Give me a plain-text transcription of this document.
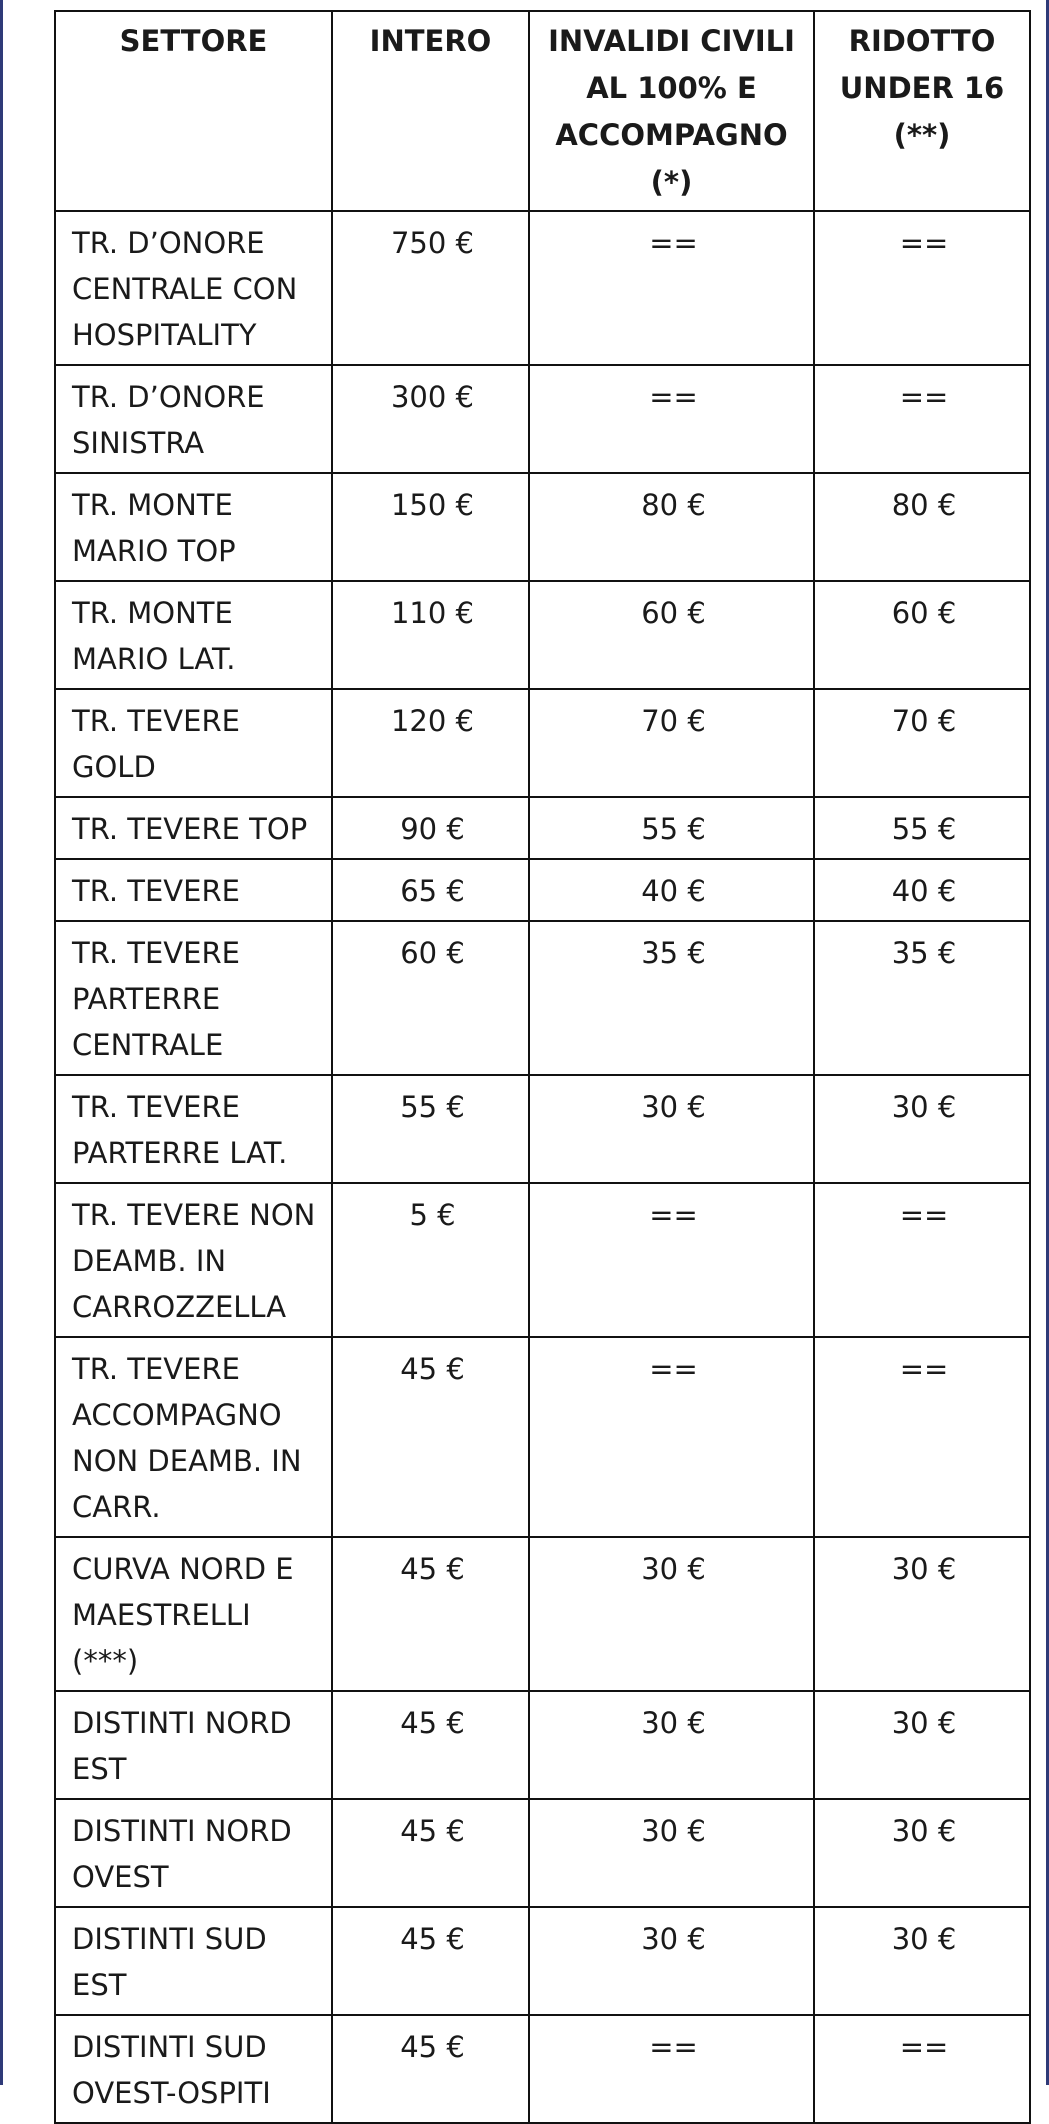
SETTORE	INTERO	INVALIDI CIVILI AL 100% E ACCOMPAGNO (*)	RIDOTTO UNDER 16 (**)
TR. D’ONORE CENTRALE CON HOSPITALITY	750 €	==	==
TR. D’ONORE SINISTRA	300 €	==	==
TR. MONTE MARIO TOP	150 €	80 €	80 €
TR. MONTE MARIO LAT.	110 €	60 €	60 €
TR. TEVERE GOLD	120 €	70 €	70 €
TR. TEVERE TOP	90 €	55 €	55 €
TR. TEVERE	65 €	40 €	40 €
TR. TEVERE PARTERRE CENTRALE	60 €	35 €	35 €
TR. TEVERE PARTERRE LAT.	55 €	30 €	30 €
TR. TEVERE NON DEAMB. IN CARROZZELLA	5 €	==	==
TR. TEVERE ACCOMPAGNO NON DEAMB. IN CARR.	45 €	==	==
CURVA NORD E MAESTRELLI (***)	45 €	30 €	30 €
DISTINTI NORD EST	45 €	30 €	30 €
DISTINTI NORD OVEST	45 €	30 €	30 €
DISTINTI SUD EST	45 €	30 €	30 €
DISTINTI SUD OVEST-OSPITI	45 €	==	==
